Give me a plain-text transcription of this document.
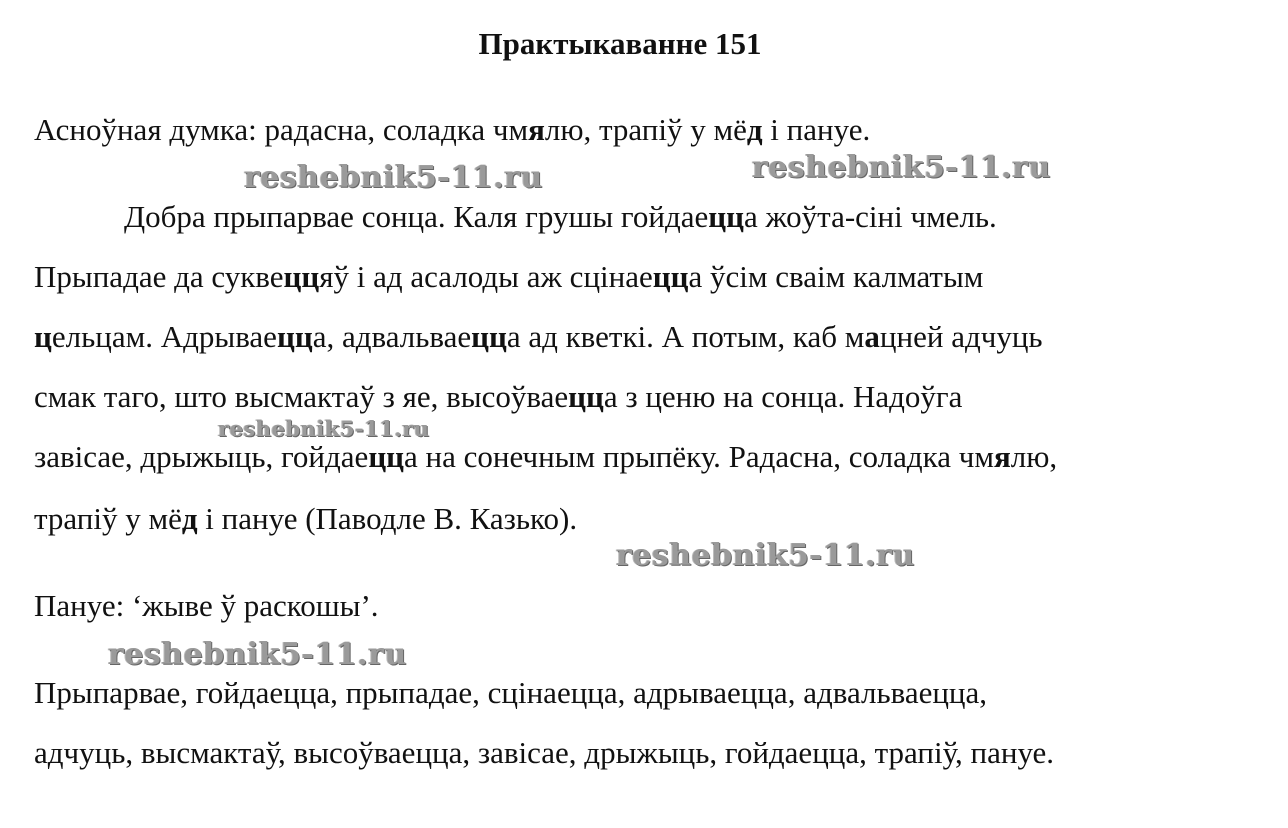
Практыкаванне 151
Асноўная думка: радасна, соладка чмялю, трапіў у мёд і пануе.
reshebnik5-11.ru	reshebnik5-11.ru
Добра прыпарвае сонца. Каля грушы гойдаецца жоўта-сіні чмель.
Прыпадае да суквеццяў і ад асалоды аж сцінаецца ўсім сваім калматым
цельцам. Адрываецца, адвальваецца ад кветкі. А потым, каб мацней адчуць
смак таго, што высмактаў з яе, высоўваецца з ценю на сонца. Надоўга
reshebnik5-11.ru
завісае, дрыжыць, гойдаецца на сонечным прыпёку. Радасна, соладка чмялю,
трапіў у мёд і пануе (Паводле В. Казько).
reshebnik5-11.ru
Пануе: ‘жыве ў раскошы’.
reshebnik5-11.ru
Прыпарвае, гойдаецца, прыпадае, сцінаецца, адрываецца, адвальваецца,
адчуць, высмактаў, высоўваецца, завісае, дрыжыць, гойдаецца, трапіў, пануе.
